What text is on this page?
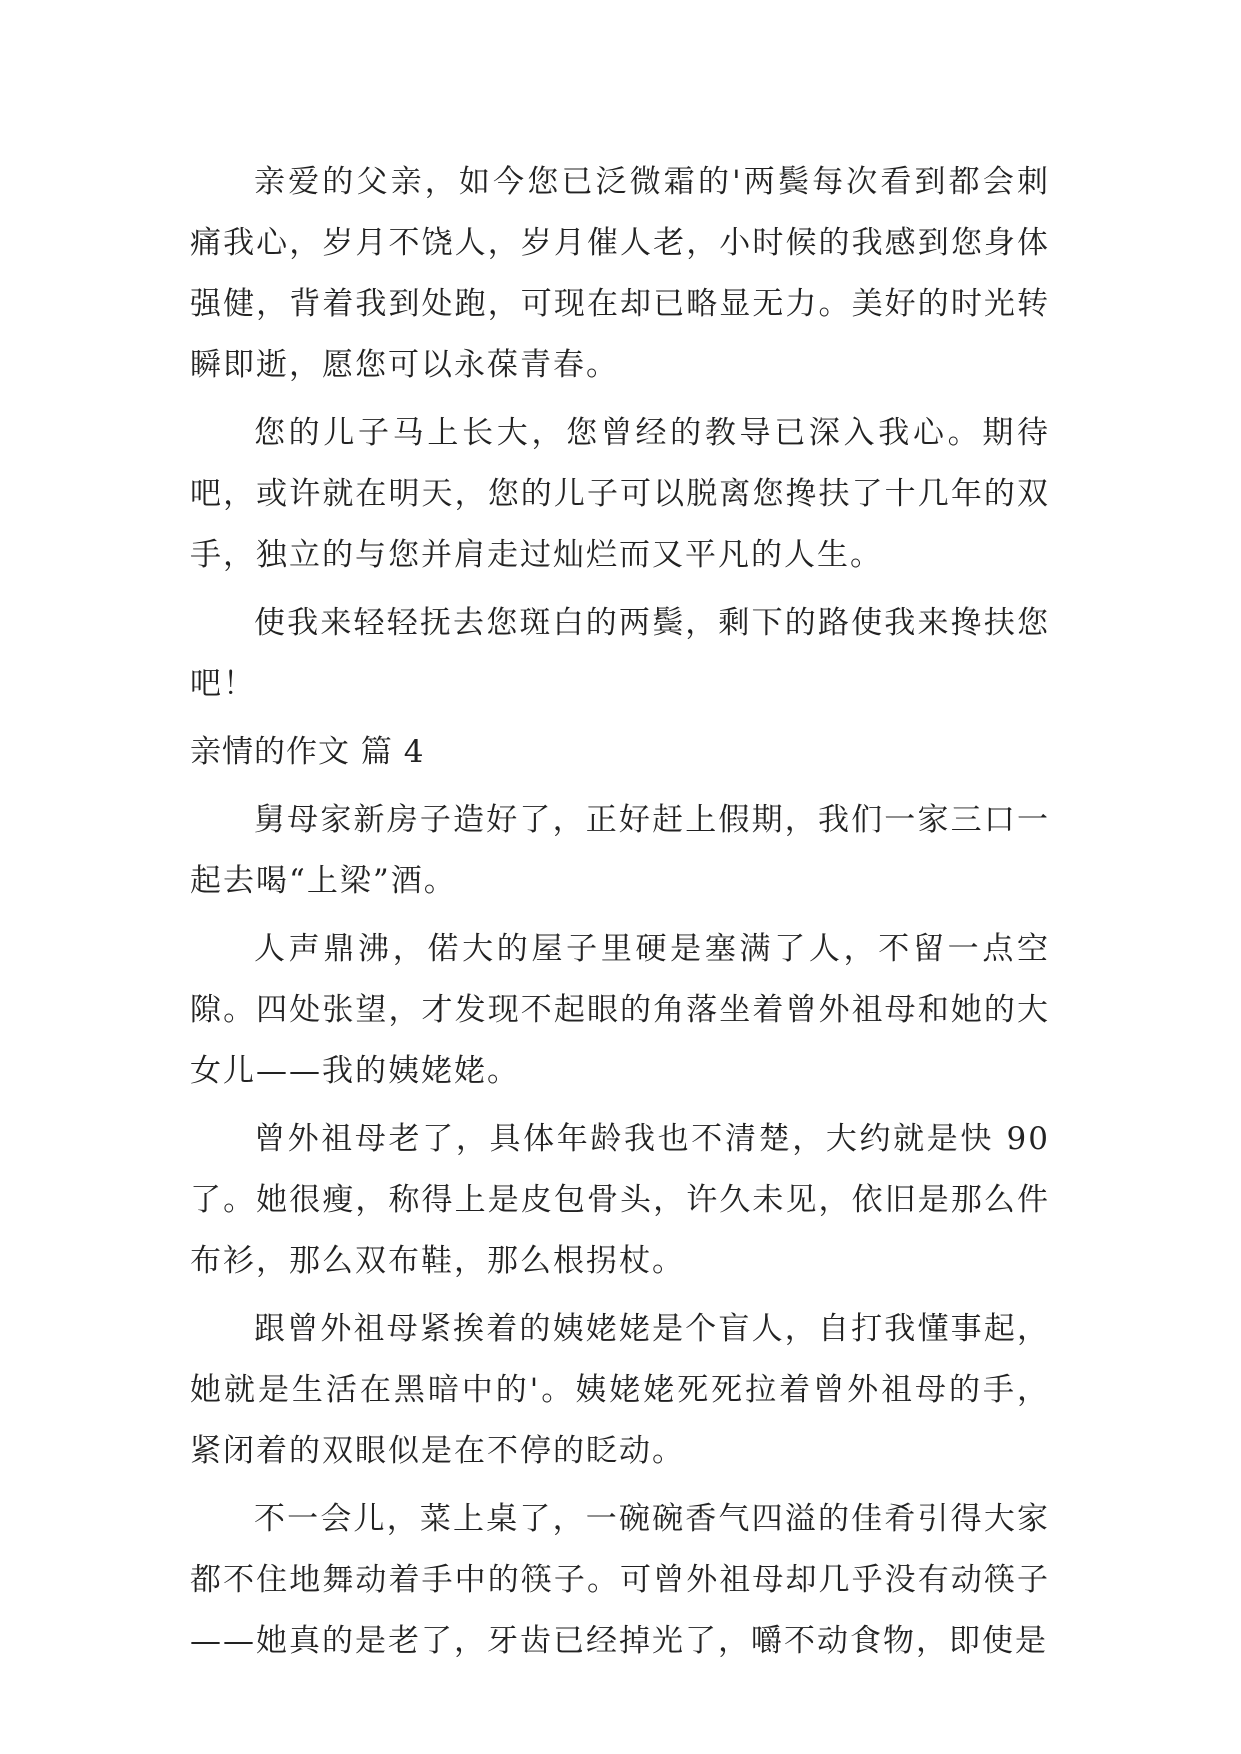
亲爱的父亲，如今您已泛微霜的'两鬓每次看到都会刺痛我心，岁月不饶人，岁月催人老，小时候的我感到您身体强健，背着我到处跑，可现在却已略显无力。美好的时光转瞬即逝，愿您可以永葆青春。

您的儿子马上长大，您曾经的教导已深入我心。期待吧，或许就在明天，您的儿子可以脱离您搀扶了十几年的双手，独立的与您并肩走过灿烂而又平凡的人生。

使我来轻轻抚去您斑白的两鬓，剩下的路使我来搀扶您吧！

亲情的作文 篇 4

舅母家新房子造好了，正好赶上假期，我们一家三口一起去喝“上梁”酒。

人声鼎沸，偌大的屋子里硬是塞满了人，不留一点空隙。四处张望，才发现不起眼的角落坐着曾外祖母和她的大女儿——我的姨姥姥。

曾外祖母老了，具体年龄我也不清楚，大约就是快 90 了。她很瘦，称得上是皮包骨头，许久未见，依旧是那么件布衫，那么双布鞋，那么根拐杖。

跟曾外祖母紧挨着的姨姥姥是个盲人，自打我懂事起，她就是生活在黑暗中的'。姨姥姥死死拉着曾外祖母的手，紧闭着的双眼似是在不停的眨动。

不一会儿，菜上桌了，一碗碗香气四溢的佳肴引得大家都不住地舞动着手中的筷子。可曾外祖母却几乎没有动筷子——她真的是老了，牙齿已经掉光了，嚼不动食物，即使是
